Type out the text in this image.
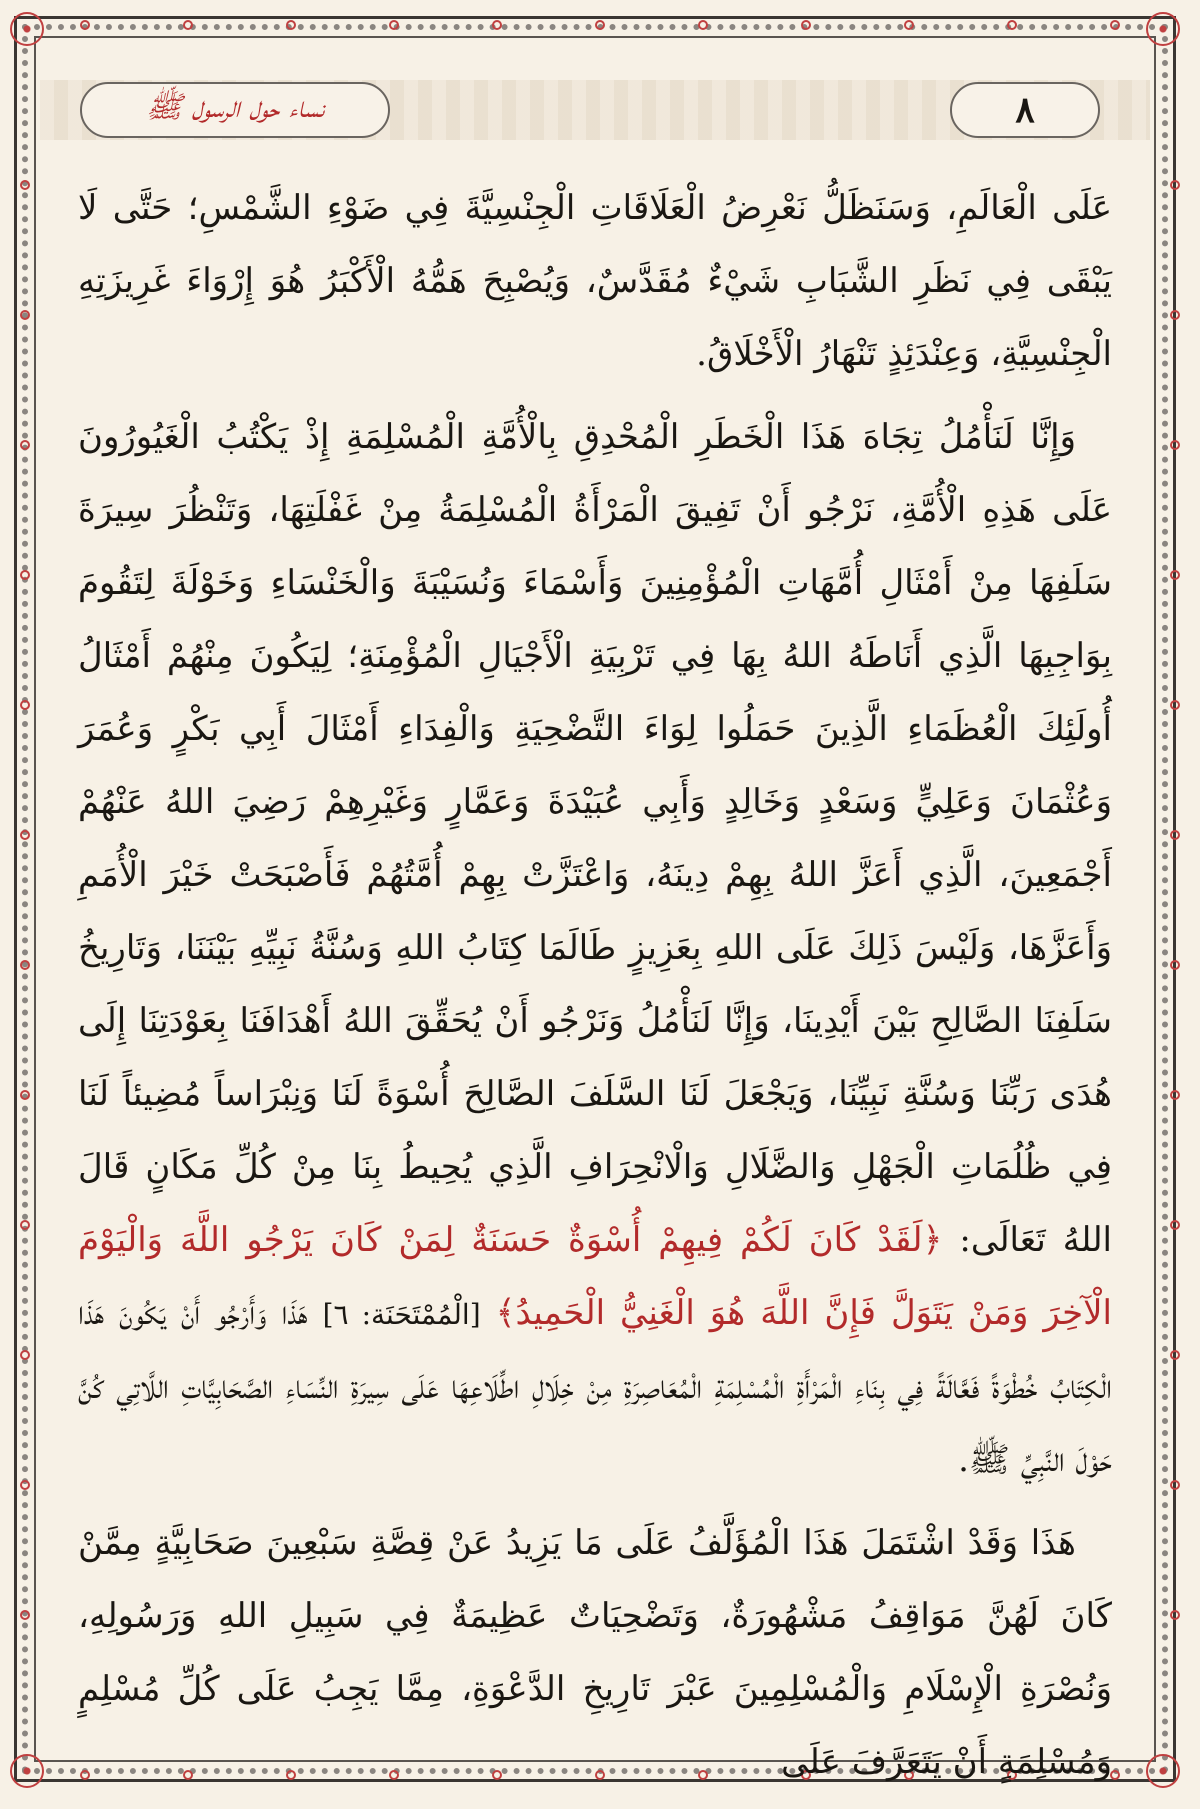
نساء حول الرسول ﷺ	٨

عَلَى الْعَالَمِ، وَسَنَظَلُّ نَعْرِضُ الْعَلَاقَاتِ الْجِنْسِيَّةَ فِي ضَوْءِ الشَّمْسِ؛ حَتَّى لَا يَبْقَى فِي نَظَرِ الشَّبَابِ شَيْءٌ مُقَدَّسٌ، وَيُصْبِحَ هَمُّهُ الْأَكْبَرُ هُوَ إِرْوَاءَ غَرِيزَتِهِ الْجِنْسِيَّةِ، وَعِنْدَئِذٍ تَنْهَارُ الْأَخْلَاقُ.

وَإِنَّا لَنَأْمُلُ تِجَاهَ هَذَا الْخَطَرِ الْمُحْدِقِ بِالْأُمَّةِ الْمُسْلِمَةِ إِذْ يَكْتُبُ الْغَيُورُونَ عَلَى هَذِهِ الْأُمَّةِ، نَرْجُو أَنْ تَفِيقَ الْمَرْأَةُ الْمُسْلِمَةُ مِنْ غَفْلَتِهَا، وَتَنْظُرَ سِيرَةَ سَلَفِهَا مِنْ أَمْثَالِ أُمَّهَاتِ الْمُؤْمِنِينَ وَأَسْمَاءَ وَنُسَيْبَةَ وَالْخَنْسَاءِ وَخَوْلَةَ لِتَقُومَ بِوَاجِبِهَا الَّذِي أَنَاطَهُ اللهُ بِهَا فِي تَرْبِيَةِ الْأَجْيَالِ الْمُؤْمِنَةِ؛ لِيَكُونَ مِنْهُمْ أَمْثَالُ أُولَئِكَ الْعُظَمَاءِ الَّذِينَ حَمَلُوا لِوَاءَ التَّضْحِيَةِ وَالْفِدَاءِ أَمْثَالَ أَبِي بَكْرٍ وَعُمَرَ وَعُثْمَانَ وَعَلِيٍّ وَسَعْدٍ وَخَالِدٍ وَأَبِي عُبَيْدَةَ وَعَمَّارٍ وَغَيْرِهِمْ رَضِيَ اللهُ عَنْهُمْ أَجْمَعِينَ، الَّذِي أَعَزَّ اللهُ بِهِمْ دِينَهُ، وَاعْتَزَّتْ بِهِمْ أُمَّتُهُمْ فَأَصْبَحَتْ خَيْرَ الْأُمَمِ وَأَعَزَّهَا، وَلَيْسَ ذَلِكَ عَلَى اللهِ بِعَزِيزٍ طَالَمَا كِتَابُ اللهِ وَسُنَّةُ نَبِيِّهِ بَيْنَنَا، وَتَارِيخُ سَلَفِنَا الصَّالِحِ بَيْنَ أَيْدِينَا، وَإِنَّا لَنَأْمُلُ وَنَرْجُو أَنْ يُحَقِّقَ اللهُ أَهْدَافَنَا بِعَوْدَتِنَا إِلَى هُدَى رَبِّنَا وَسُنَّةِ نَبِيِّنَا، وَيَجْعَلَ لَنَا السَّلَفَ الصَّالِحَ أُسْوَةً لَنَا وَنِبْرَاساً مُضِيئاً لَنَا فِي ظُلُمَاتِ الْجَهْلِ وَالضَّلَالِ وَالْانْحِرَافِ الَّذِي يُحِيطُ بِنَا مِنْ كُلِّ مَكَانٍ قَالَ اللهُ تَعَالَى: ﴿لَقَدْ كَانَ لَكُمْ فِيهِمْ أُسْوَةٌ حَسَنَةٌ لِمَنْ كَانَ يَرْجُو اللَّهَ وَالْيَوْمَ الْآخِرَ وَمَنْ يَتَوَلَّ فَإِنَّ اللَّهَ هُوَ الْغَنِيُّ الْحَمِيدُ﴾ [الْمُمْتَحَنَة: ٦] هَذَا وَأَرْجُو أَنْ يَكُونَ هَذَا الْكِتَابُ خُطْوَةً فَعَّالَةً فِي بِنَاءِ الْمَرْأَةِ الْمُسْلِمَةِ الْمُعَاصِرَةِ مِنْ خِلَالِ اطِّلَاعِهَا عَلَى سِيرَةِ النِّسَاءِ الصَّحَابِيَّاتِ اللَّاتِي كُنَّ حَوْلَ النَّبِيِّ ﷺ.

هَذَا وَقَدْ اشْتَمَلَ هَذَا الْمُؤَلَّفُ عَلَى مَا يَزِيدُ عَنْ قِصَّةِ سَبْعِينَ صَحَابِيَّةٍ مِمَّنْ كَانَ لَهُنَّ مَوَاقِفُ مَشْهُورَةٌ، وَتَضْحِيَاتٌ عَظِيمَةٌ فِي سَبِيلِ اللهِ وَرَسُولِهِ، وَنُصْرَةِ الْإِسْلَامِ وَالْمُسْلِمِينَ عَبْرَ تَارِيخِ الدَّعْوَةِ، مِمَّا يَجِبُ عَلَى كُلِّ مُسْلِمٍ وَمُسْلِمَةٍ أَنْ يَتَعَرَّفَ عَلَى
